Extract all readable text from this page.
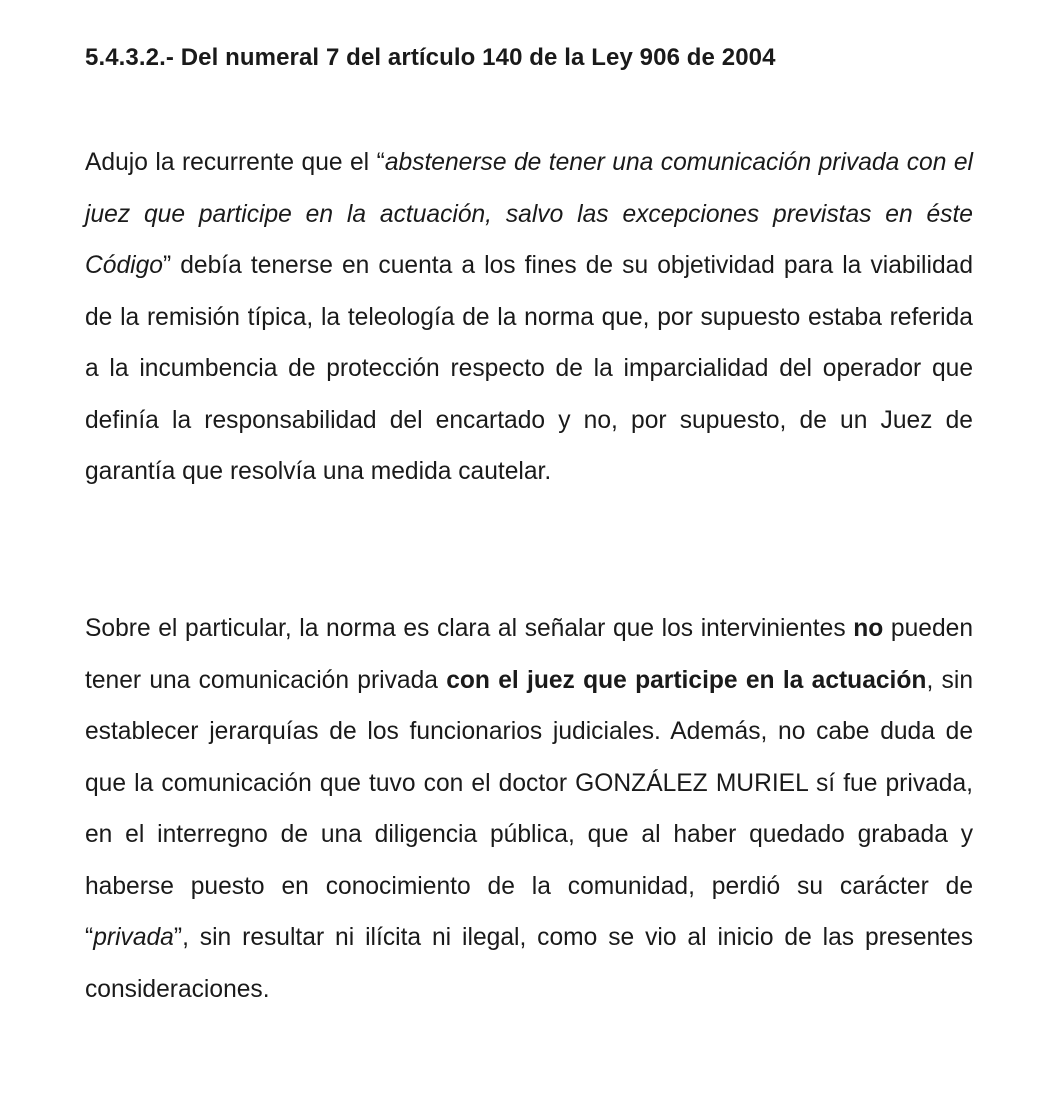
5.4.3.2.- Del numeral 7 del artículo 140 de la Ley 906 de 2004

Adujo la recurrente que el “abstenerse de tener una comunicación privada con el juez que participe en la actuación, salvo las excepciones previstas en éste Código” debía tenerse en cuenta a los fines de su objetividad para la viabilidad de la remisión típica, la teleología de la norma que, por supuesto estaba referida a la incumbencia de protección respecto de la imparcialidad del operador que definía la responsabilidad del encartado y no, por supuesto, de un Juez de garantía que resolvía una medida cautelar.

Sobre el particular, la norma es clara al señalar que los intervinientes no pueden tener una comunicación privada con el juez que participe en la actuación, sin establecer jerarquías de los funcionarios judiciales. Además, no cabe duda de que la comunicación que tuvo con el doctor GONZÁLEZ MURIEL sí fue privada, en el interregno de una diligencia pública, que al haber quedado grabada y haberse puesto en conocimiento de la comunidad, perdió su carácter de “privada”, sin resultar ni ilícita ni ilegal, como se vio al inicio de las presentes consideraciones.
